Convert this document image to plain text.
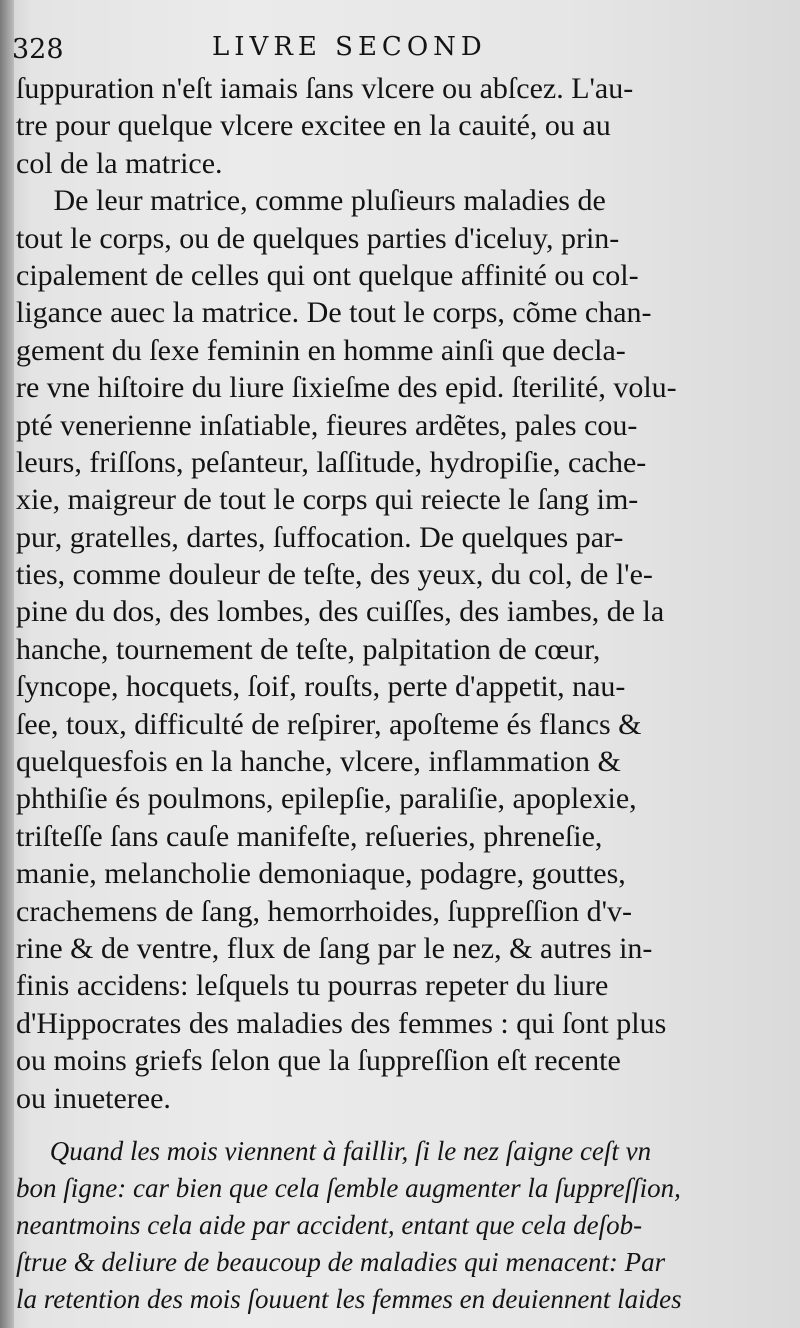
328	LIVRE SECOND
ſuppuration n'eſt iamais ſans vlcere ou abſcez. L'au-
tre pour quelque vlcere excitee en la cauité, ou au
col de la matrice.
De leur matrice, comme pluſieurs maladies de
tout le corps, ou de quelques parties d'iceluy, prin-
cipalement de celles qui ont quelque affinité ou col-
ligance auec la matrice. De tout le corps, cõme chan-
gement du ſexe feminin en homme ainſi que decla-
re vne hiſtoire du liure ſixieſme des epid. ſterilité, volu-
pté venerienne inſatiable, fieures ardẽtes, pales cou-
leurs, friſſons, peſanteur, laſſitude, hydropiſie, cache-
xie, maigreur de tout le corps qui reiecte le ſang im-
pur, gratelles, dartes, ſuffocation. De quelques par-
ties, comme douleur de teſte, des yeux, du col, de l'e-
pine du dos, des lombes, des cuiſſes, des iambes, de la
hanche, tournement de teſte, palpitation de cœur,
ſyncope, hocquets, ſoif, rouſts, perte d'appetit, nau-
ſee, toux, difficulté de reſpirer, apoſteme és flancs &
quelquesfois en la hanche, vlcere, inflammation &
phthiſie és poulmons, epilepſie, paraliſie, apoplexie,
triſteſſe ſans cauſe manifeſte, reſueries, phreneſie,
manie, melancholie demoniaque, podagre, gouttes,
crachemens de ſang, hemorrhoides, ſuppreſſion d'v-
rine & de ventre, flux de ſang par le nez, & autres in-
finis accidens: leſquels tu pourras repeter du liure
d'Hippocrates des maladies des femmes : qui ſont plus
ou moins griefs ſelon que la ſuppreſſion eſt recente
ou inueteree.
Quand les mois viennent à faillir, ſi le nez ſaigne ceſt vn
bon ſigne: car bien que cela ſemble augmenter la ſuppreſſion,
neantmoins cela aide par accident, entant que cela deſob-
ſtrue & deliure de beaucoup de maladies qui menacent: Par
la retention des mois ſouuent les femmes en deuiennent laides
